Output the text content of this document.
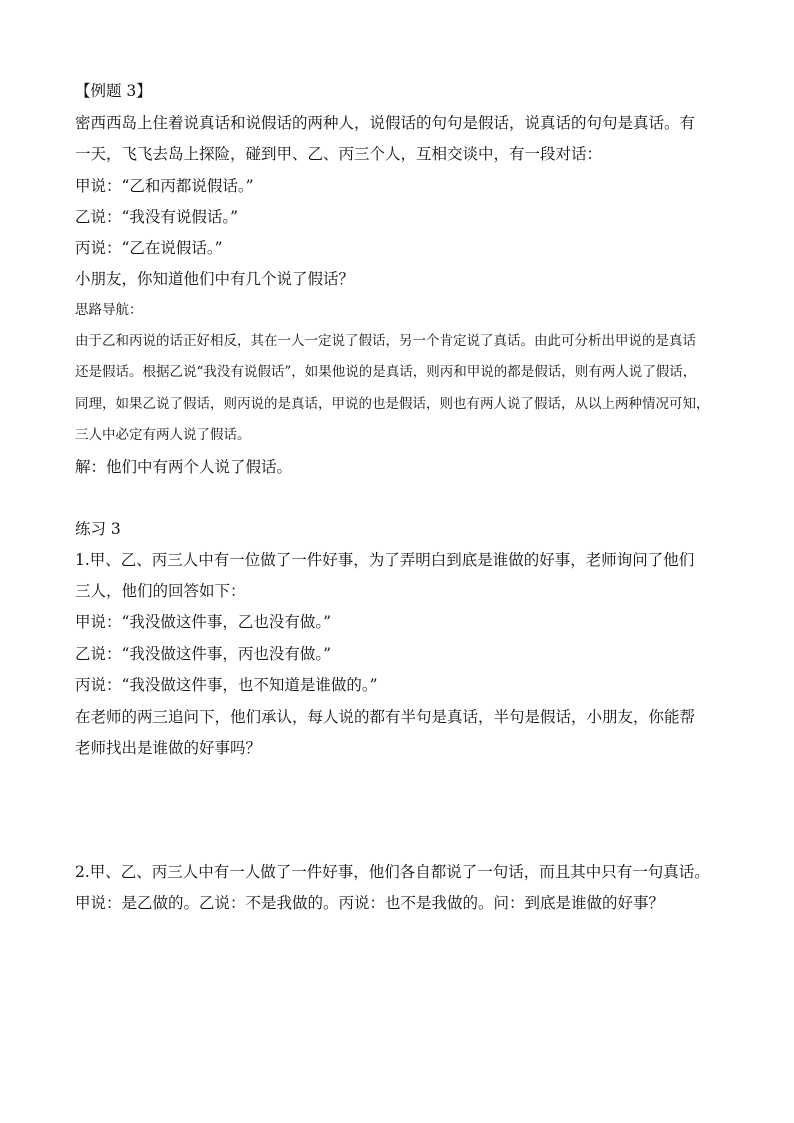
【例题 3】
密西西岛上住着说真话和说假话的两种人，说假话的句句是假话，说真话的句句是真话。有
一天，飞飞去岛上探险，碰到甲、乙、丙三个人，互相交谈中，有一段对话：
甲说：“乙和丙都说假话。”
乙说：“我没有说假话。”
丙说：“乙在说假话。”
小朋友，你知道他们中有几个说了假话？
思路导航：
由于乙和丙说的话正好相反，其在一人一定说了假话，另一个肯定说了真话。由此可分析出甲说的是真话
还是假话。根据乙说“我没有说假话”，如果他说的是真话，则丙和甲说的都是假话，则有两人说了假话，
同理，如果乙说了假话，则丙说的是真话，甲说的也是假话，则也有两人说了假话，从以上两种情况可知，
三人中必定有两人说了假话。
解：他们中有两个人说了假话。
练习 3
1.甲、乙、丙三人中有一位做了一件好事，为了弄明白到底是谁做的好事，老师询问了他们
三人，他们的回答如下：
甲说：“我没做这件事，乙也没有做。”
乙说：“我没做这件事，丙也没有做。”
丙说：“我没做这件事，也不知道是谁做的。”
在老师的两三追问下，他们承认，每人说的都有半句是真话，半句是假话，小朋友，你能帮
老师找出是谁做的好事吗？
2.甲、乙、丙三人中有一人做了一件好事，他们各自都说了一句话，而且其中只有一句真话。
甲说：是乙做的。乙说：不是我做的。丙说：也不是我做的。问：到底是谁做的好事？
